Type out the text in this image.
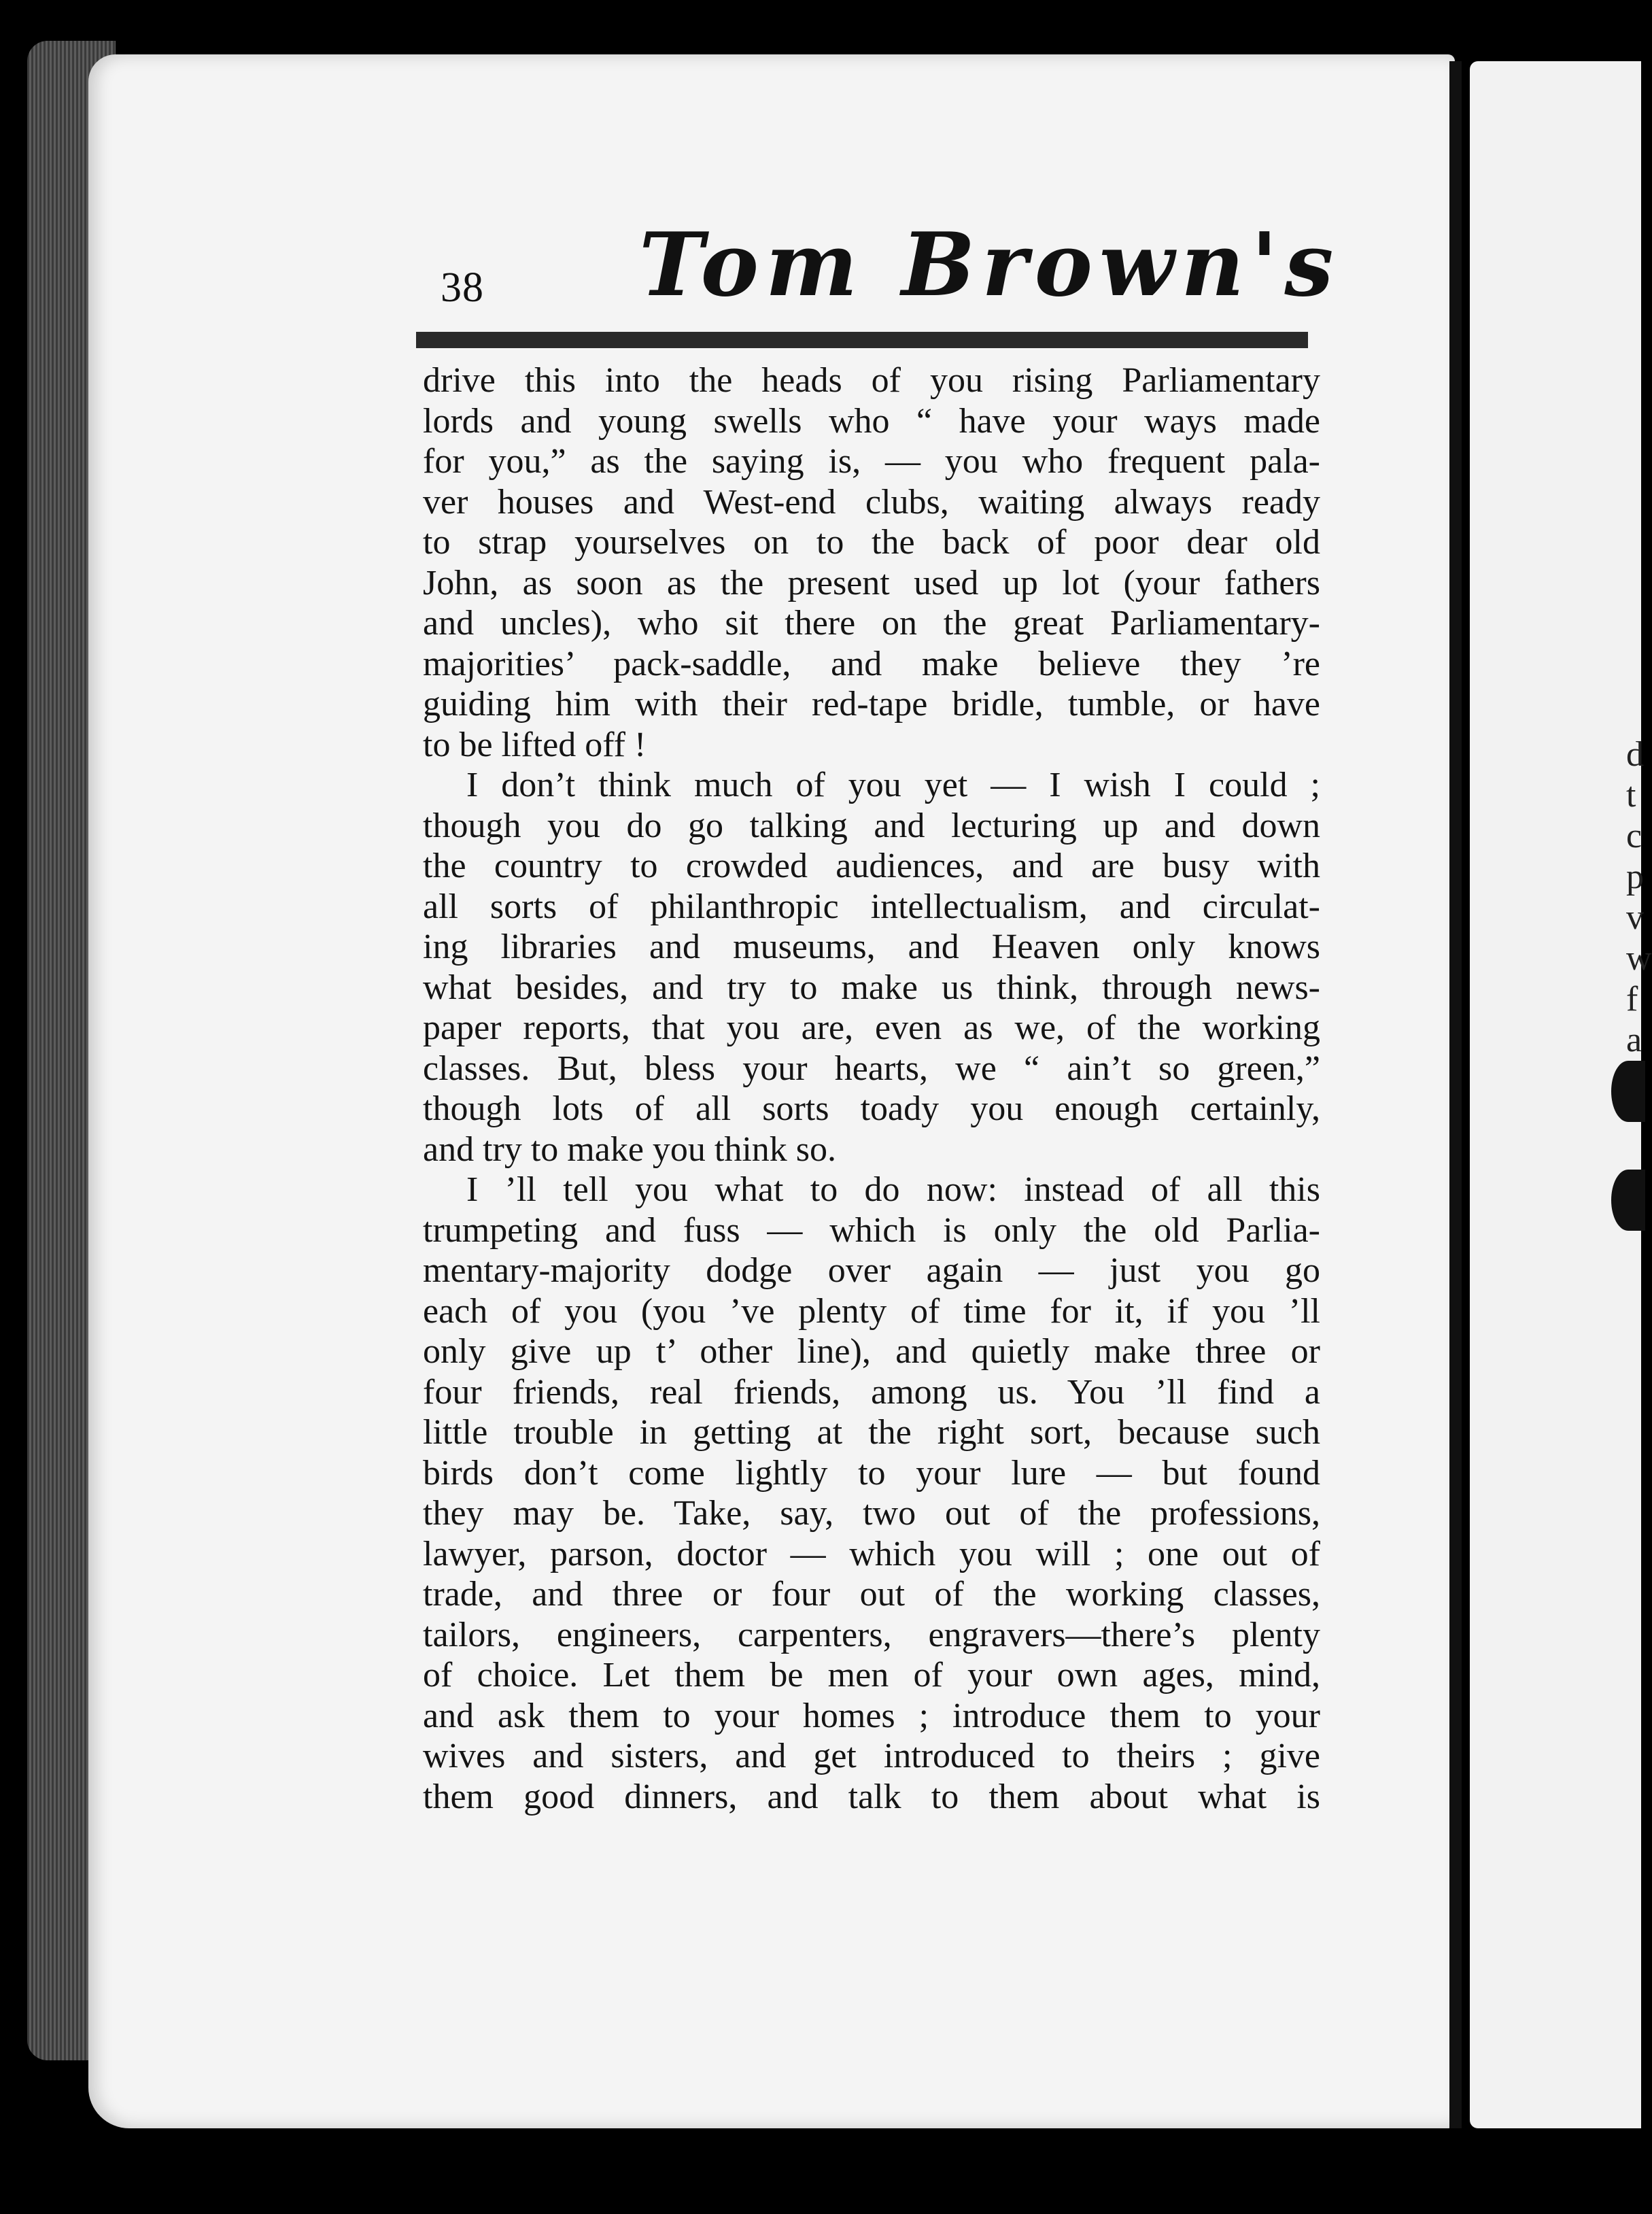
d
t
c
p
v
w
f
a
38 Tom Brown's
drive this into the heads of you rising Parliamentary
lords and young swells who “ have your ways made
for you,” as the saying is, — you who frequent pala-
ver houses and West-end clubs, waiting always ready
to strap yourselves on to the back of poor dear old
John, as soon as the present used up lot (your fathers
and uncles), who sit there on the great Parliamentary-
majorities’ pack-saddle, and make believe they ’re
guiding him with their red-tape bridle, tumble, or have
to be lifted off !
I don’t think much of you yet — I wish I could ;
though you do go talking and lecturing up and down
the country to crowded audiences, and are busy with
all sorts of philanthropic intellectualism, and circulat-
ing libraries and museums, and Heaven only knows
what besides, and try to make us think, through news-
paper reports, that you are, even as we, of the working
classes. But, bless your hearts, we “ ain’t so green,”
though lots of all sorts toady you enough certainly,
and try to make you think so.
I ’ll tell you what to do now: instead of all this
trumpeting and fuss — which is only the old Parlia-
mentary-majority dodge over again — just you go
each of you (you ’ve plenty of time for it, if you ’ll
only give up t’ other line), and quietly make three or
four friends, real friends, among us. You ’ll find a
little trouble in getting at the right sort, because such
birds don’t come lightly to your lure — but found
they may be. Take, say, two out of the professions,
lawyer, parson, doctor — which you will ; one out of
trade, and three or four out of the working classes,
tailors, engineers, carpenters, engravers—there’s plenty
of choice. Let them be men of your own ages, mind,
and ask them to your homes ; introduce them to your
wives and sisters, and get introduced to theirs ; give
them good dinners, and talk to them about what is
